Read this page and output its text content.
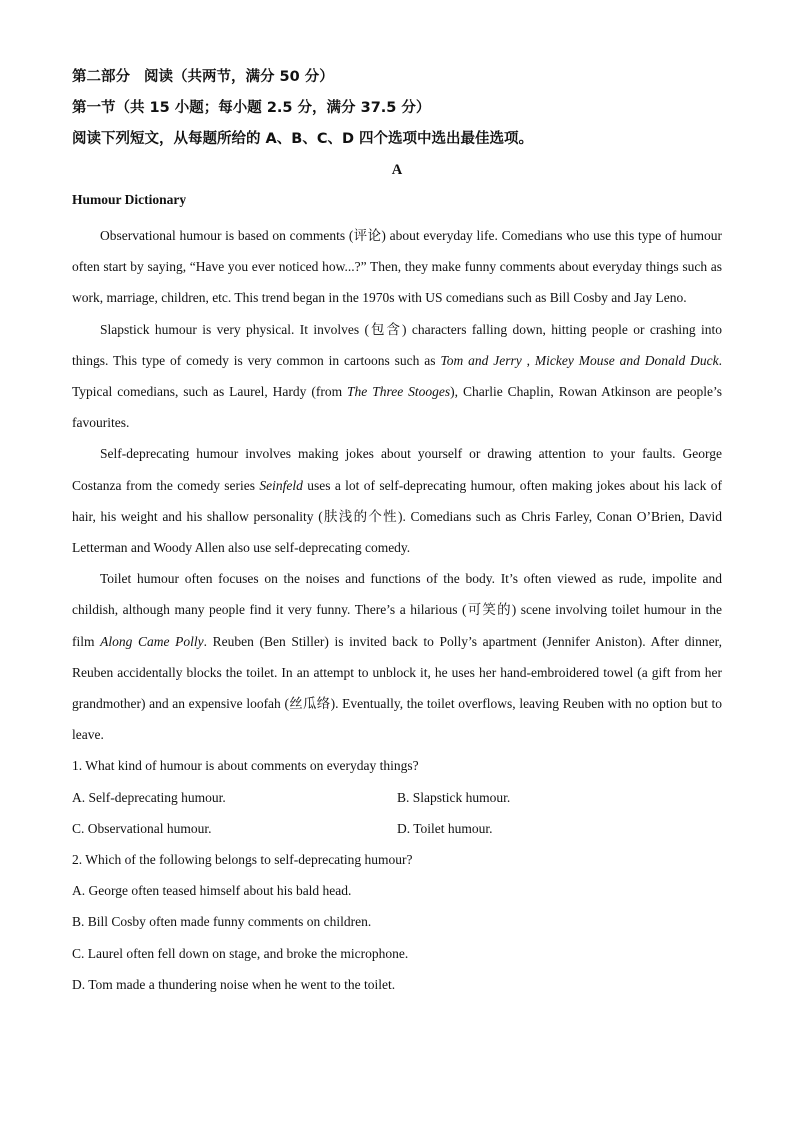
第二部分 阅读（共两节，满分 50 分）
第一节（共 15 小题；每小题 2.5 分，满分 37.5 分）
阅读下列短文，从每题所给的 A、B、C、D 四个选项中选出最佳选项。
A
Humour Dictionary

Observational humour is based on comments (评论) about everyday life. Comedians who use this type of humour often start by saying, “Have you ever noticed how...?” Then, they make funny comments about everyday things such as work, marriage, children, etc. This trend began in the 1970s with US comedians such as Bill Cosby and Jay Leno.

Slapstick humour is very physical. It involves (包含) characters falling down, hitting people or crashing into things. This type of comedy is very common in cartoons such as Tom and Jerry , Mickey Mouse and Donald Duck. Typical comedians, such as Laurel, Hardy (from The Three Stooges), Charlie Chaplin, Rowan Atkinson are people’s favourites.

Self-deprecating humour involves making jokes about yourself or drawing attention to your faults. George Costanza from the comedy series Seinfeld uses a lot of self-deprecating humour, often making jokes about his lack of hair, his weight and his shallow personality (肤浅的个性). Comedians such as Chris Farley, Conan O’Brien, David Letterman and Woody Allen also use self-deprecating comedy.

Toilet humour often focuses on the noises and functions of the body. It’s often viewed as rude, impolite and childish, although many people find it very funny. There’s a hilarious (可笑的) scene involving toilet humour in the film Along Came Polly. Reuben (Ben Stiller) is invited back to Polly’s apartment (Jennifer Aniston). After dinner, Reuben accidentally blocks the toilet. In an attempt to unblock it, he uses her hand-embroidered towel (a gift from her grandmother) and an expensive loofah (丝瓜络). Eventually, the toilet overflows, leaving Reuben with no option but to leave.

1. What kind of humour is about comments on everyday things?

A. Self-deprecating humour.	B. Slapstick humour.
C. Observational humour.	D. Toilet humour.

2. Which of the following belongs to self-deprecating humour?

A. George often teased himself about his bald head.

B. Bill Cosby often made funny comments on children.

C. Laurel often fell down on stage, and broke the microphone.

D. Tom made a thundering noise when he went to the toilet.
